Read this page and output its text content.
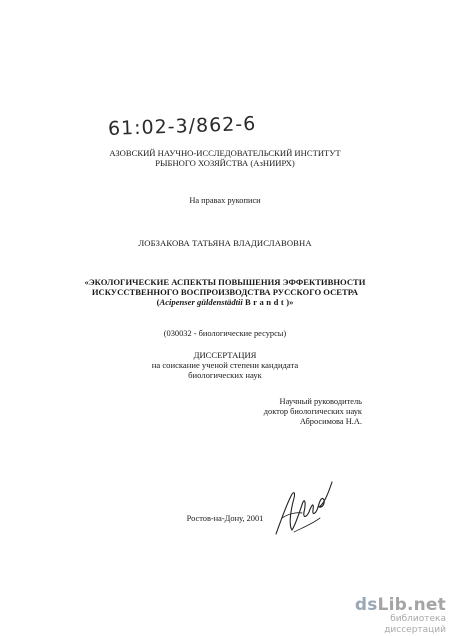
61:02-3/862-6
АЗОВСКИЙ НАУЧНО-ИССЛЕДОВАТЕЛЬСКИЙ ИНСТИТУТ
РЫБНОГО ХОЗЯЙСТВА (АзНИИРХ)
На правах рукописи
ЛОБЗАКОВА ТАТЬЯНА ВЛАДИСЛАВОВНА
«ЭКОЛОГИЧЕСКИЕ АСПЕКТЫ ПОВЫШЕНИЯ ЭФФЕКТИВНОСТИ
ИСКУССТВЕННОГО ВОСПРОИЗВОДСТВА РУССКОГО ОСЕТРА
(Acipenser güldenstädtii Brandt)»
(030032 - биологические ресурсы)
ДИССЕРТАЦИЯ
на соискание ученой степени кандидата
биологических наук
Научный руководитель
доктор биологических наук
Абросимова Н.А.
Ростов-на-Дону, 2001
dsLib.net
библиотека диссертаций
